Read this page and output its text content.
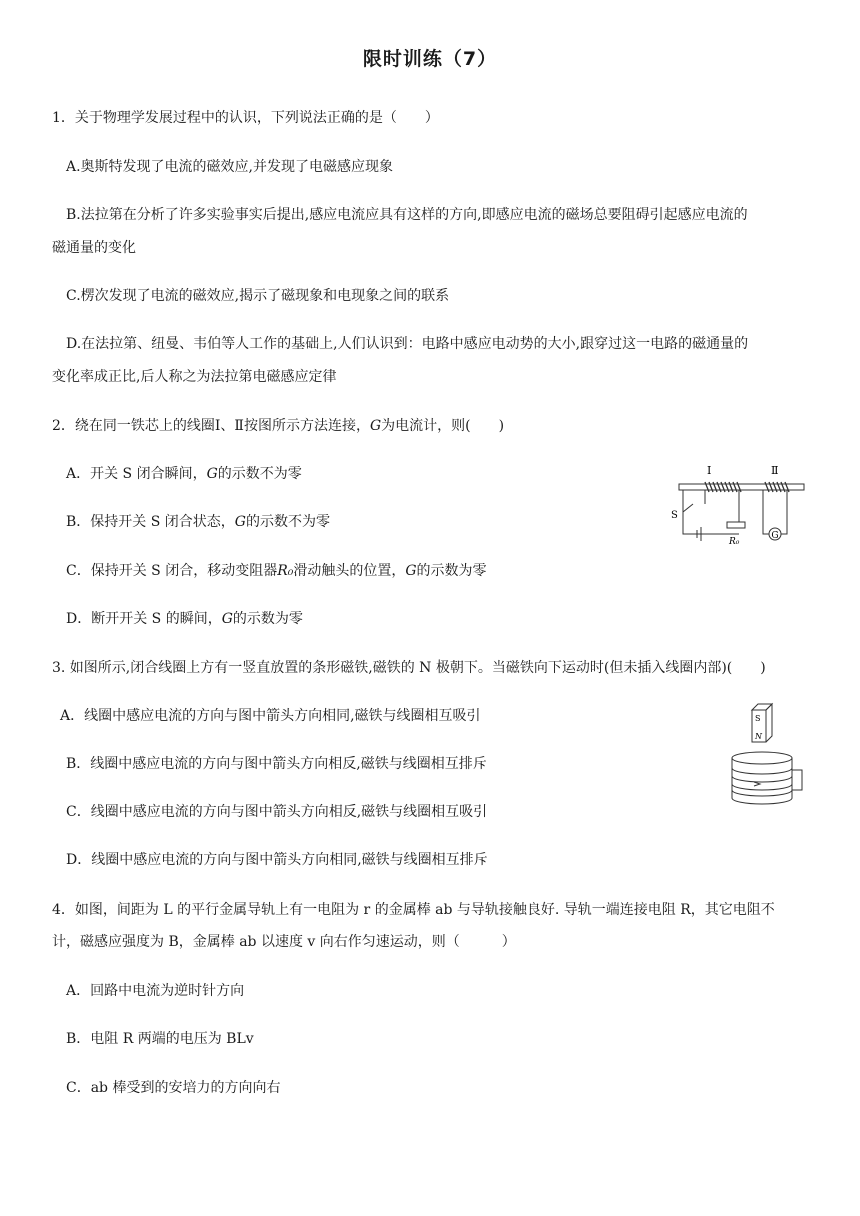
限时训练（7）
1．关于物理学发展过程中的认识，下列说法正确的是（　　）
A.奥斯特发现了电流的磁效应,并发现了电磁感应现象
B.法拉第在分析了许多实验事实后提出,感应电流应具有这样的方向,即感应电流的磁场总要阻碍引起感应电流的
磁通量的变化
C.楞次发现了电流的磁效应,揭示了磁现象和电现象之间的联系
D.在法拉第、纽曼、韦伯等人工作的基础上,人们认识到：电路中感应电动势的大小,跟穿过这一电路的磁通量的
变化率成正比,后人称之为法拉第电磁感应定律
2．绕在同一铁芯上的线圈Ⅰ、Ⅱ按图所示方法连接，G为电流计，则(　　)
A．开关 S 闭合瞬间，G的示数不为零
B．保持开关 S 闭合状态，G的示数不为零
C．保持开关 S 闭合，移动变阻器R₀滑动触头的位置，G的示数为零
D．断开开关 S 的瞬间，G的示数为零
G
Ⅰ	Ⅱ
S
R₀
3. 如图所示,闭合线圈上方有一竖直放置的条形磁铁,磁铁的 N 极朝下。当磁铁向下运动时(但未插入线圈内部)(　　)
A．线圈中感应电流的方向与图中箭头方向相同,磁铁与线圈相互吸引
B．线圈中感应电流的方向与图中箭头方向相反,磁铁与线圈相互排斥
C．线圈中感应电流的方向与图中箭头方向相反,磁铁与线圈相互吸引
D．线圈中感应电流的方向与图中箭头方向相同,磁铁与线圈相互排斥
S
N
4．如图，间距为 L 的平行金属导轨上有一电阻为 r 的金属棒 ab 与导轨接触良好. 导轨一端连接电阻 R，其它电阻不
计，磁感应强度为 B，金属棒 ab 以速度 v 向右作匀速运动，则（　　　）
A．回路中电流为逆时针方向
B．电阻 R 两端的电压为 BLv
C．ab 棒受到的安培力的方向向右
